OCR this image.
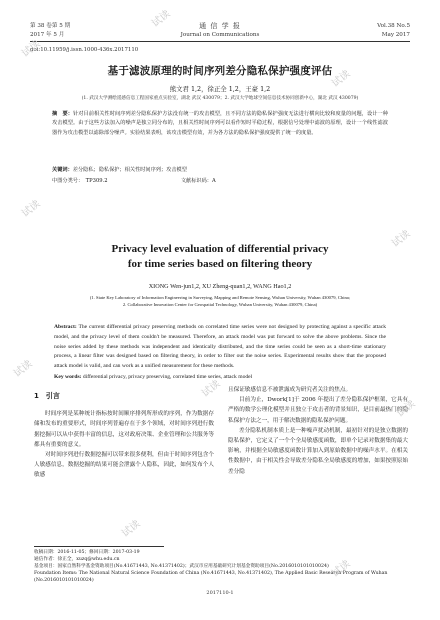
第 38 卷第 5 期	通 信 学 报	Vol.38 No.5
2017 年 5 月	Journal on Communications	May 2017
doi:10.11959/j.issn.1000-436x.2017110
基于滤波原理的时间序列差分隐私保护强度评估
熊文君 1,2，徐正全 1,2，王豪 1,2
(1. 武汉大学测绘遥感信息工程国家重点实验室，湖北 武汉 430079；2. 武汉大学地球空间信息技术协同创新中心，湖北 武汉 430079)
摘　要：针对目前相关性时间序列差分隐私保护方法没有统一的攻击模型，且不同方法的隐私保护强度无法进行横向比较和度量的问题，设计一种攻击模型。由于这些方法加入的噪声是独立同分布的，且相关性时间序列可以看作短时平稳过程，根据信号处理中滤波的原理，设计一个线性滤波器作为攻击模型以滤除部分噪声。实验结果表明，该攻击模型有效，并为各方法的隐私保护强度提供了统一的度量。
关键词：差分隐私；隐私保护；相关性时间序列；攻击模型
中图分类号：　TP309.2	文献标识码：A
Privacy level evaluation of differential privacy
for time series based on filtering theory
XIONG Wen-jun1,2, XU Zheng-quan1,2, WANG Hao1,2
(1. State Key Laboratory of Information Engineering in Surveying, Mapping and Remote Sensing, Wuhan University, Wuhan 430079, China;
2. Collaborative Innovation Center for Geospatial Technology, Wuhan University, Wuhan 430079, China)
Abstract: The current differential privacy preserving methods on correlated time series were not designed by protecting against a specific attack model, and the privacy level of them couldn't be measured. Therefore, an attack model was put forward to solve the above problems. Since the noise series added by these methods was independent and identically distributed, and the time series could be seen as a short-time stationary process, a linear filter was designed based on filtering theory, in order to filter out the noise series. Experimental results show that the proposed attack model is valid, and can work as a unified measurement for these methods.
Key words: differential privacy, privacy preserving, correlated time series, attack model
1　引言

时间序列是某种统计指标按时间顺序排列所形成的序列，作为数据存储和发布的重要形式，时间序列普遍存在于多个领域，对时间序列进行数据挖掘可以从中获得丰富的信息，这对政府决策、企业管理和公共服务等都具有重要的意义。

对时间序列进行数据挖掘可以带来很多便利，但由于时间序列包含个人敏感信息，数据挖掘的结果可能会泄露个人隐私，因此，如何发布个人敏感

且保证敏感信息不被泄露成为研究者关注的焦点。

目前为止，Dwork[1]于 2006 年提出了差分隐私保护框架，它具有严格的数学公理化模型并且独立于攻击者的背景知识，是目前最热门的隐私保护方法之一，用于解决数据的隐私保护问题。

差分隐私机制本质上是一种噪声扰动机制，最初针对的是独立数据的隐私保护，它定义了一个个全局敏感度函数，即单个记录对数据集的最大影响，并根据全局敏感度函数计算加入到原始数据中的噪声水平。在相关性数据中，由于相关性会导致差分隐私全局敏感度的增加，如果按照原始差分隐

收稿日期：2016-11-05；修回日期：2017-03-19
通信作者：徐正全，xuzq@whu.edu.cn
基金项目：国家自然科学基金资助项目(No.41671443, No.41371402)；武汉市应用基础研究计划基金资助项目(No.2016010101010024)
Foundation Items: The National Natural Science Foundation of China (No.41671443, No.41371402), The Applied Basic Research Program of Wuhan (No.2016010101010024)
2017110-1
试读
试读
试读
试读
试读
试读
试读
试读
试读
试读
